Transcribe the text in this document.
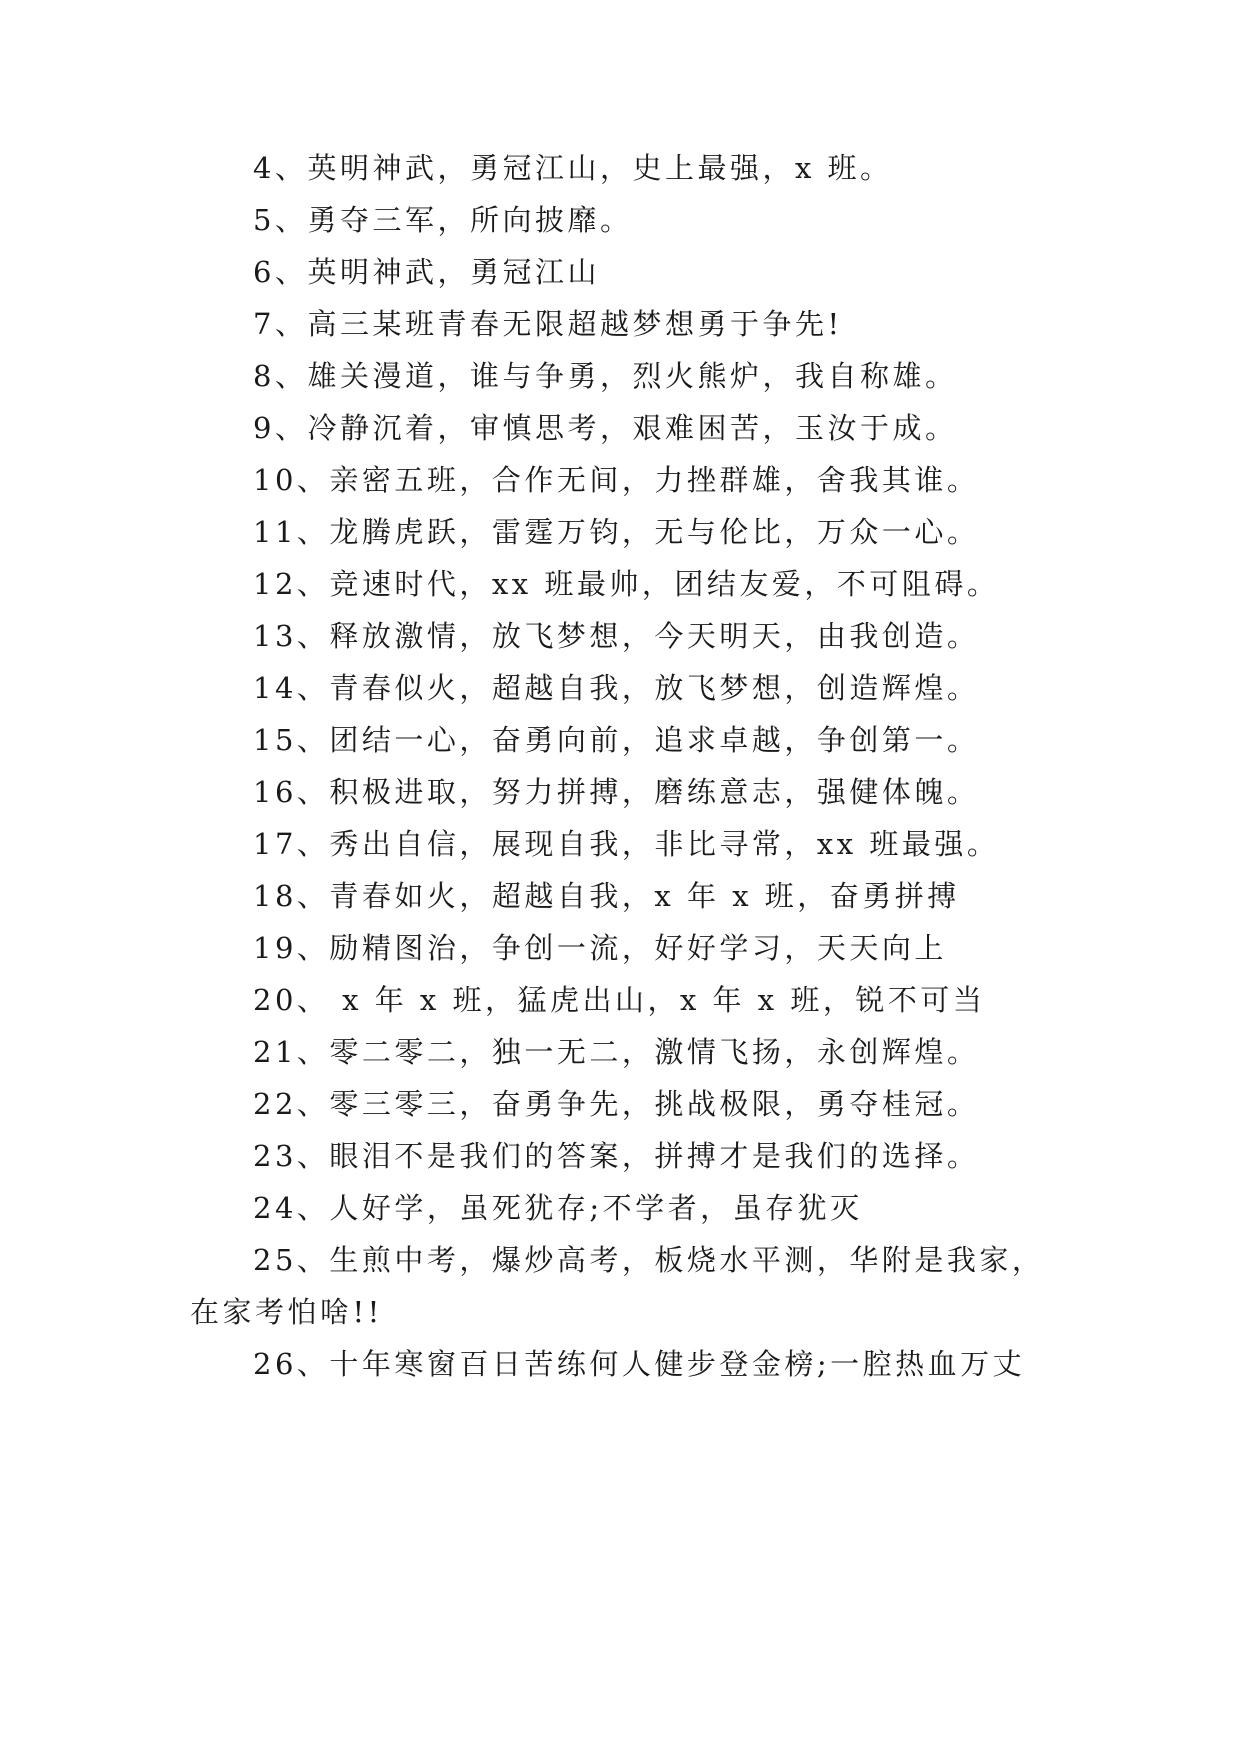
4、英明神武，勇冠江山，史上最强，x 班。
5、勇夺三军，所向披靡。
6、英明神武，勇冠江山
7、高三某班青春无限超越梦想勇于争先!
8、雄关漫道，谁与争勇，烈火熊炉，我自称雄。
9、冷静沉着，审慎思考，艰难困苦，玉汝于成。
10、亲密五班，合作无间，力挫群雄，舍我其谁。
11、龙腾虎跃，雷霆万钧，无与伦比，万众一心。
12、竞速时代，xx 班最帅，团结友爱，不可阻碍。
13、释放激情，放飞梦想，今天明天，由我创造。
14、青春似火，超越自我，放飞梦想，创造辉煌。
15、团结一心，奋勇向前，追求卓越，争创第一。
16、积极进取，努力拼搏，磨练意志，强健体魄。
17、秀出自信，展现自我，非比寻常，xx 班最强。
18、青春如火，超越自我，x 年 x 班，奋勇拼搏
19、励精图治，争创一流，好好学习，天天向上
20、 x 年 x 班，猛虎出山，x 年 x 班，锐不可当
21、零二零二，独一无二，激情飞扬，永创辉煌。
22、零三零三，奋勇争先，挑战极限，勇夺桂冠。
23、眼泪不是我们的答案，拼搏才是我们的选择。
24、人好学，虽死犹存;不学者，虽存犹灭
25、生煎中考，爆炒高考，板烧水平测，华附是我家，
在家考怕啥!!
26、十年寒窗百日苦练何人健步登金榜;一腔热血万丈
